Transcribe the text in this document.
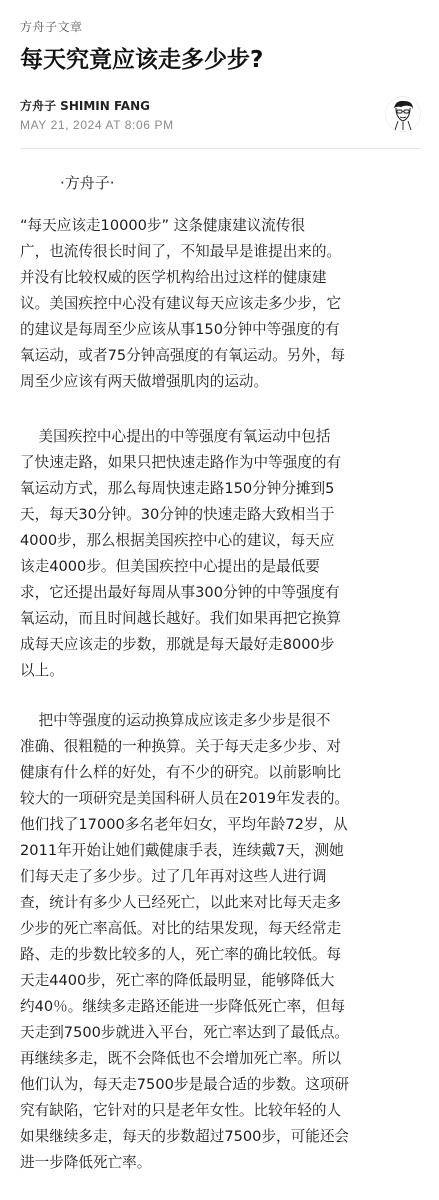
方舟子文章
每天究竟应该走多少步?
方舟子 SHIMIN FANG
MAY 21, 2024 AT 8:06 PM
·方舟子·
“每天应该走10000步” 这条健康建议流传很
广，也流传很长时间了，不知最早是谁提出来的。
并没有比较权威的医学机构给出过这样的健康建
议。美国疾控中心没有建议每天应该走多少步，它
的建议是每周至少应该从事150分钟中等强度的有
氧运动，或者75分钟高强度的有氧运动。另外，每
周至少应该有两天做增强肌肉的运动。
美国疾控中心提出的中等强度有氧运动中包括
了快速走路，如果只把快速走路作为中等强度的有
氧运动方式，那么每周快速走路150分钟分摊到5
天，每天30分钟。30分钟的快速走路大致相当于
4000步，那么根据美国疾控中心的建议，每天应
该走4000步。但美国疾控中心提出的是最低要
求，它还提出最好每周从事300分钟的中等强度有
氧运动，而且时间越长越好。我们如果再把它换算
成每天应该走的步数，那就是每天最好走8000步
以上。
把中等强度的运动换算成应该走多少步是很不
准确、很粗糙的一种换算。关于每天走多少步、对
健康有什么样的好处，有不少的研究。以前影响比
较大的一项研究是美国科研人员在2019年发表的。
他们找了17000多名老年妇女，平均年龄72岁，从
2011年开始让她们戴健康手表，连续戴7天，测她
们每天走了多少步。过了几年再对这些人进行调
查，统计有多少人已经死亡，以此来对比每天走多
少步的死亡率高低。对比的结果发现，每天经常走
路、走的步数比较多的人，死亡率的确比较低。每
天走4400步，死亡率的降低最明显，能够降低大
约40％。继续多走路还能进一步降低死亡率，但每
天走到7500步就进入平台，死亡率达到了最低点。
再继续多走，既不会降低也不会增加死亡率。所以
他们认为，每天走7500步是最合适的步数。这项研
究有缺陷，它针对的只是老年女性。比较年轻的人
如果继续多走，每天的步数超过7500步，可能还会
进一步降低死亡率。
